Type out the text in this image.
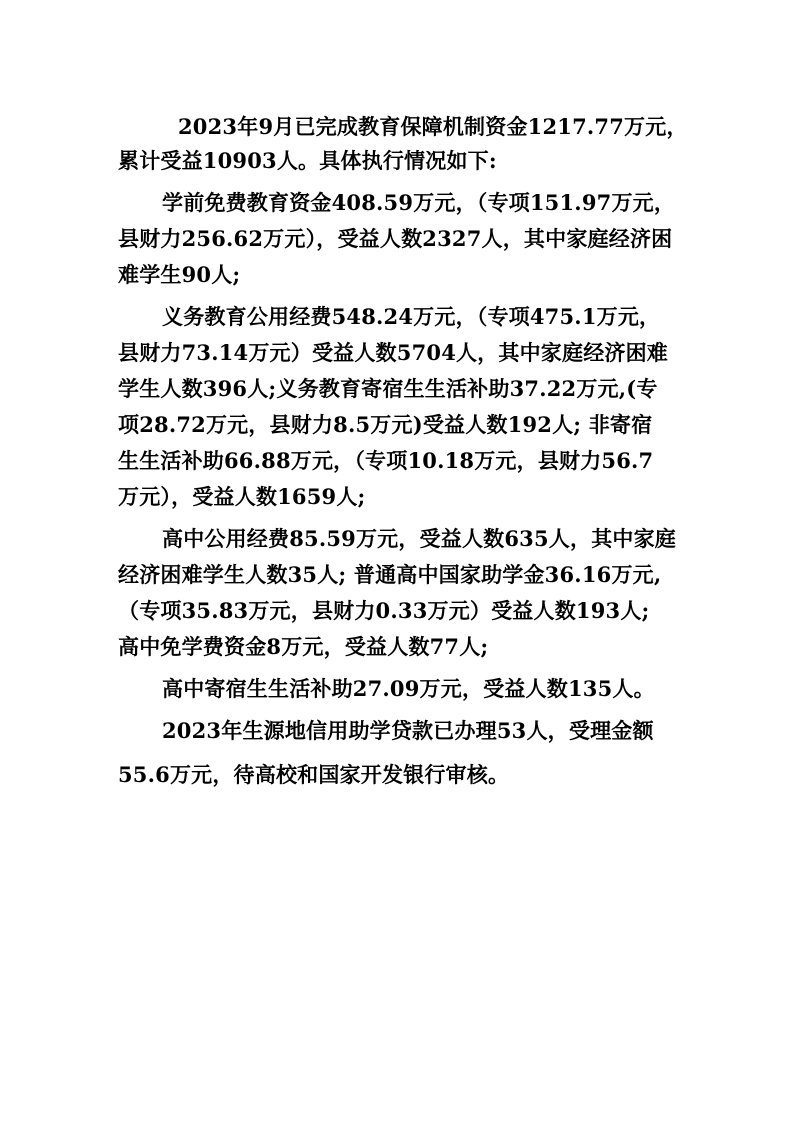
2023年9月已完成教育保障机制资金1217.77万元，
累计受益10903人。具体执行情况如下:
学前免费教育资金408.59万元，（专项151.97万元，
县财力256.62万元），受益人数2327人，其中家庭经济困
难学生90人;
义务教育公用经费548.24万元，（专项475.1万元，
县财力73.14万元）受益人数5704人，其中家庭经济困难
学生人数396人;义务教育寄宿生生活补助37.22万元,(专
项28.72万元，县财力8.5万元)受益人数192人; 非寄宿
生生活补助66.88万元，（专项10.18万元，县财力56.7
万元），受益人数1659人;
高中公用经费85.59万元，受益人数635人，其中家庭
经济困难学生人数35人; 普通高中国家助学金36.16万元,
（专项35.83万元，县财力0.33万元）受益人数193人;
高中免学费资金8万元，受益人数77人;
高中寄宿生生活补助27.09万元，受益人数135人。
2023年生源地信用助学贷款已办理53人，受理金额
55.6万元，待高校和国家开发银行审核。
